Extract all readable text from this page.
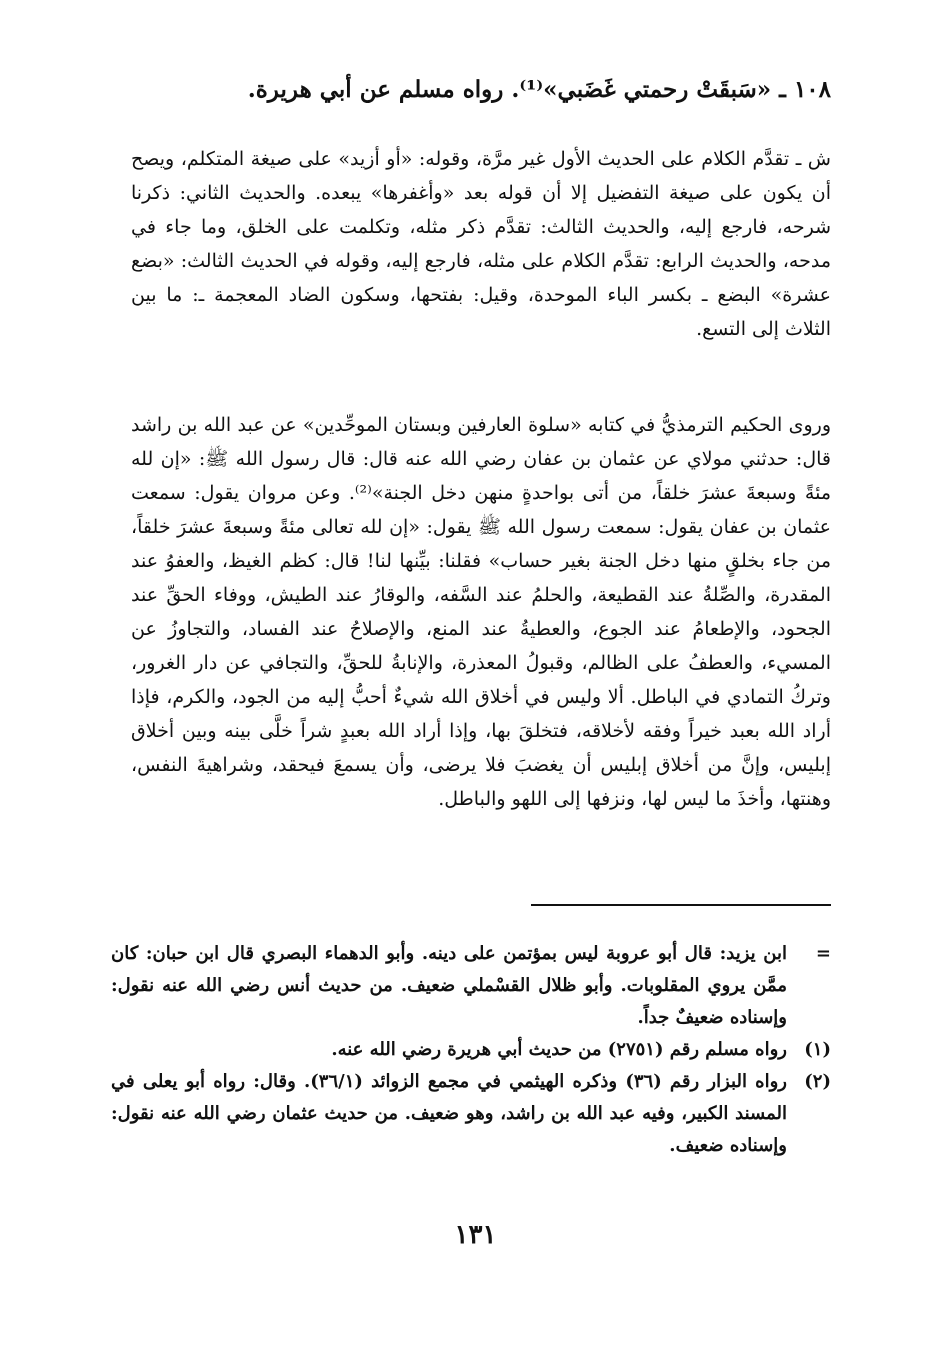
١٠٨ ـ «سَبقَتْ رحمتي غَضَبي»⁽¹⁾. رواه مسلم عن أبي هريرة.
ش ـ تقدَّم الكلام على الحديث الأول غير مرَّة، وقوله: «أو أزيد» على صيغة المتكلم، ويصح أن يكون على صيغة التفضيل إلا أن قوله بعد «وأغفرها» يبعده. والحديث الثاني: ذكرنا شرحه، فارجع إليه، والحديث الثالث: تقدَّم ذكر مثله، وتكلمت على الخلق، وما جاء في مدحه، والحديث الرابع: تقدَّم الكلام على مثله، فارجع إليه، وقوله في الحديث الثالث: «بضع عشرة» البضع ـ بكسر الباء الموحدة، وقيل: بفتحها، وسكون الضاد المعجمة ـ: ما بين الثلاث إلى التسع.
وروى الحكيم الترمذيُّ في كتابه «سلوة العارفين وبستان الموحِّدين» عن عبد الله بن راشد قال: حدثني مولاي عن عثمان بن عفان رضي الله عنه قال: قال رسول الله ﷺ: «إن لله مئةً وسبعةَ عشرَ خلقاً، من أتى بواحدةٍ منهن دخل الجنة»⁽²⁾. وعن مروان يقول: سمعت عثمان بن عفان يقول: سمعت رسول الله ﷺ يقول: «إن لله تعالى مئةً وسبعةَ عشرَ خلقاً، من جاء بخلقٍ منها دخل الجنة بغير حساب» فقلنا: بيِّنها لنا! قال: كظم الغيظ، والعفوُ عند المقدرة، والصِّلةُ عند القطيعة، والحلمُ عند السَّفه، والوقارُ عند الطيش، ووفاء الحقِّ عند الجحود، والإطعامُ عند الجوع، والعطيةُ عند المنع، والإصلاحُ عند الفساد، والتجاوزُ عن المسيء، والعطفُ على الظالم، وقبولُ المعذرة، والإنابةُ للحقِّ، والتجافي عن دار الغرور، وتركُ التمادي في الباطل. ألا وليس في أخلاق الله شيءٌ أحبُّ إليه من الجود، والكرم، فإذا أراد الله بعبد خيراً وفقه لأخلاقه، فتخلقَ بها، وإذا أراد الله بعبدٍ شراً خلَّى بينه وبين أخلاق إبليس، وإنَّ من أخلاق إبليس أن يغضبَ فلا يرضى، وأن يسمعَ فيحقد، وشراهيةَ النفس، وهنتها، وأخذَ ما ليس لها، ونزفها إلى اللهو والباطل.
=
ابن يزيد: قال أبو عروبة ليس بمؤتمن على دينه. وأبو الدهماء البصري قال ابن حبان: كان ممَّن يروي المقلوبات. وأبو ظلال القسْملي ضعيف. من حديث أنس رضي الله عنه نقول: وإسناده ضعيفٌ جداً.
(١)
رواه مسلم رقم (٢٧٥١) من حديث أبي هريرة رضي الله عنه.
(٢)
رواه البزار رقم (٣٦) وذكره الهيثمي في مجمع الزوائد (٣٦/١). وقال: رواه أبو يعلى في المسند الكبير، وفيه عبد الله بن راشد، وهو ضعيف. من حديث عثمان رضي الله عنه نقول: وإسناده ضعيف.
١٣١
